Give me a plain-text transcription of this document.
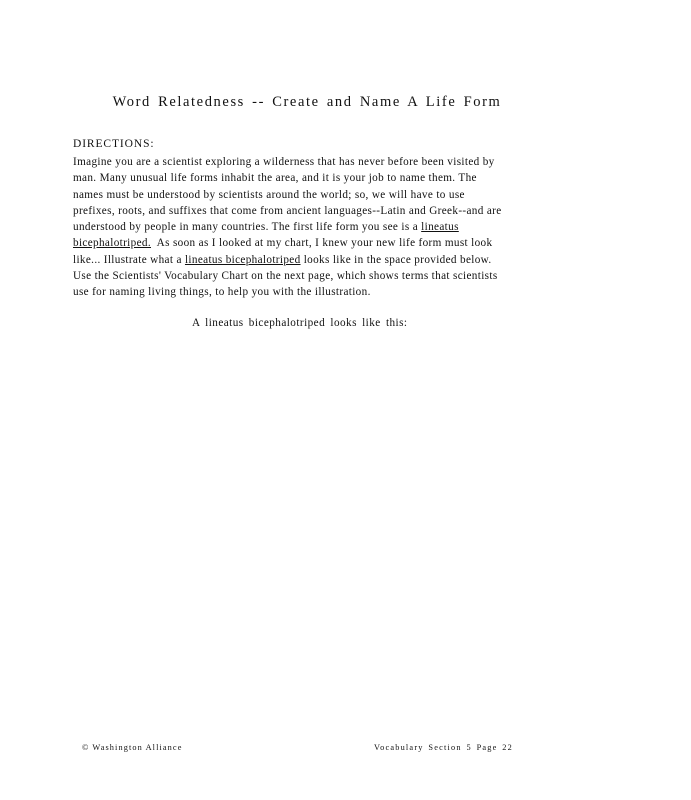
Word Relatedness -- Create and Name A Life Form

DIRECTIONS:

Imagine you are a scientist exploring a wilderness that has never before been visited by
man. Many unusual life forms inhabit the area, and it is your job to name them. The
names must be understood by scientists around the world; so, we will have to use
prefixes, roots, and suffixes that come from ancient languages--Latin and Greek--and are
understood by people in many countries. The first life form you see is a lineatus
bicephalotriped. As soon as I looked at my chart, I knew your new life form must look
like... Illustrate what a lineatus bicephalotriped looks like in the space provided below.
Use the Scientists' Vocabulary Chart on the next page, which shows terms that scientists
use for naming living things, to help you with the illustration.

A lineatus bicephalotriped looks like this:

© Washington Alliance	Vocabulary Section 5 Page 22
